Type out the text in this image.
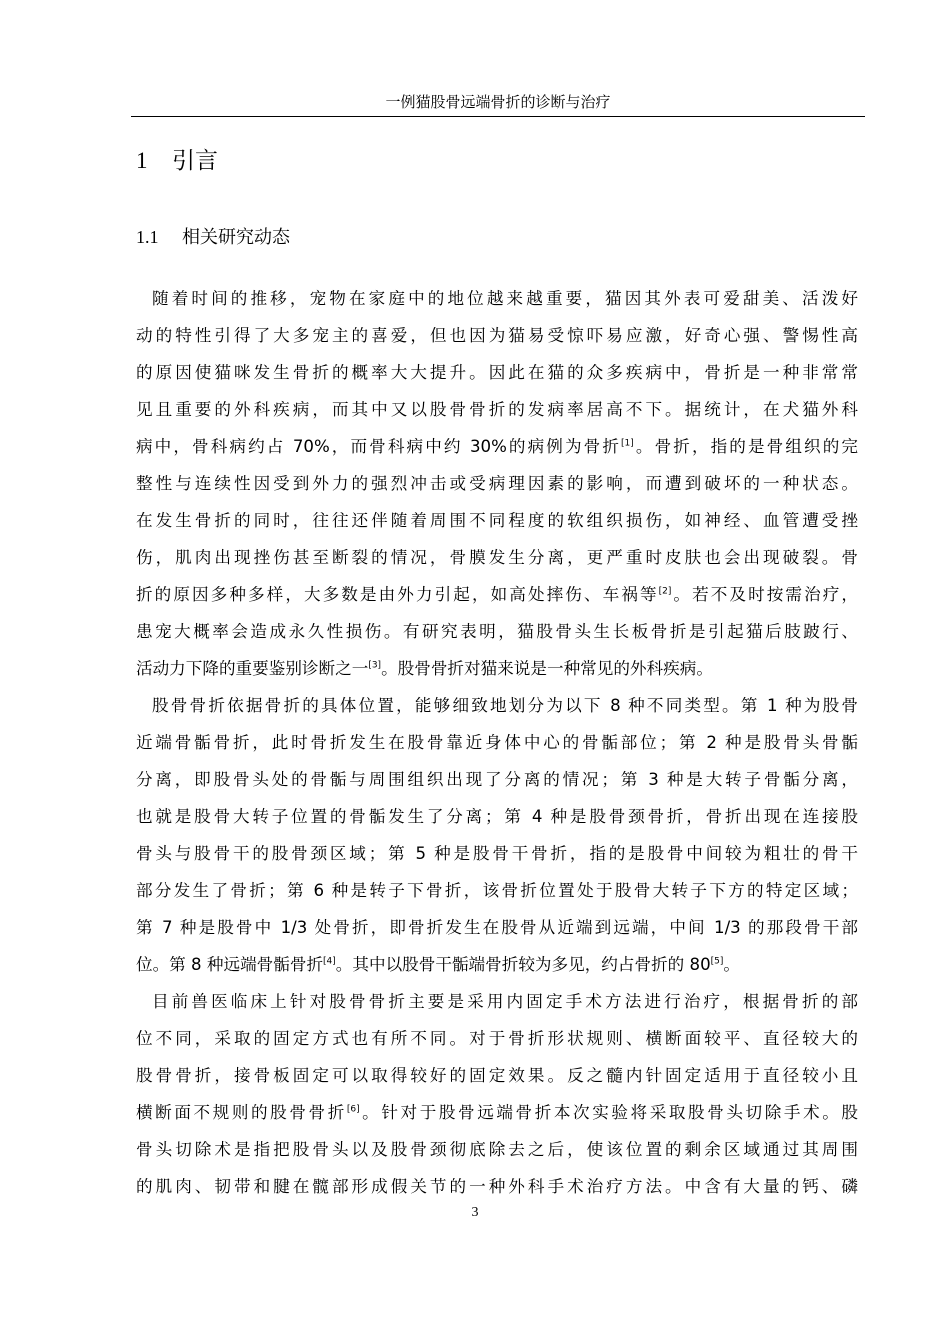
一例猫股骨远端骨折的诊断与治疗
1 引言
1.1 相关研究动态
随着时间的推移，宠物在家庭中的地位越来越重要，猫因其外表可爱甜美、活泼好
动的特性引得了大多宠主的喜爱，但也因为猫易受惊吓易应激，好奇心强、警惕性高
的原因使猫咪发生骨折的概率大大提升。因此在猫的众多疾病中，骨折是一种非常常
见且重要的外科疾病，而其中又以股骨骨折的发病率居高不下。据统计，在犬猫外科
病中，骨科病约占 70%，而骨科病中约 30%的病例为骨折[1]。骨折，指的是骨组织的完
整性与连续性因受到外力的强烈冲击或受病理因素的影响，而遭到破坏的一种状态。
在发生骨折的同时，往往还伴随着周围不同程度的软组织损伤，如神经、血管遭受挫
伤，肌肉出现挫伤甚至断裂的情况，骨膜发生分离，更严重时皮肤也会出现破裂。骨
折的原因多种多样，大多数是由外力引起，如高处摔伤、车祸等[2]。若不及时按需治疗，
患宠大概率会造成永久性损伤。有研究表明，猫股骨头生长板骨折是引起猫后肢跛行、
活动力下降的重要鉴别诊断之一[3]。股骨骨折对猫来说是一种常见的外科疾病。
股骨骨折依据骨折的具体位置，能够细致地划分为以下 8 种不同类型。第 1 种为股骨
近端骨骺骨折，此时骨折发生在股骨靠近身体中心的骨骺部位；第 2 种是股骨头骨骺
分离，即股骨头处的骨骺与周围组织出现了分离的情况；第 3 种是大转子骨骺分离，
也就是股骨大转子位置的骨骺发生了分离；第 4 种是股骨颈骨折，骨折出现在连接股
骨头与股骨干的股骨颈区域；第 5 种是股骨干骨折，指的是股骨中间较为粗壮的骨干
部分发生了骨折；第 6 种是转子下骨折，该骨折位置处于股骨大转子下方的特定区域；
第 7 种是股骨中 1/3 处骨折，即骨折发生在股骨从近端到远端，中间 1/3 的那段骨干部
位。第 8 种远端骨骺骨折[4]。其中以股骨干骺端骨折较为多见，约占骨折的 80[5]。
目前兽医临床上针对股骨骨折主要是采用内固定手术方法进行治疗，根据骨折的部
位不同，采取的固定方式也有所不同。对于骨折形状规则、横断面较平、直径较大的
股骨骨折，接骨板固定可以取得较好的固定效果。反之髓内针固定适用于直径较小且
横断面不规则的股骨骨折[6]。针对于股骨远端骨折本次实验将采取股骨头切除手术。股
骨头切除术是指把股骨头以及股骨颈彻底除去之后，使该位置的剩余区域通过其周围
的肌肉、韧带和腱在髋部形成假关节的一种外科手术治疗方法。中含有大量的钙、磷
3
